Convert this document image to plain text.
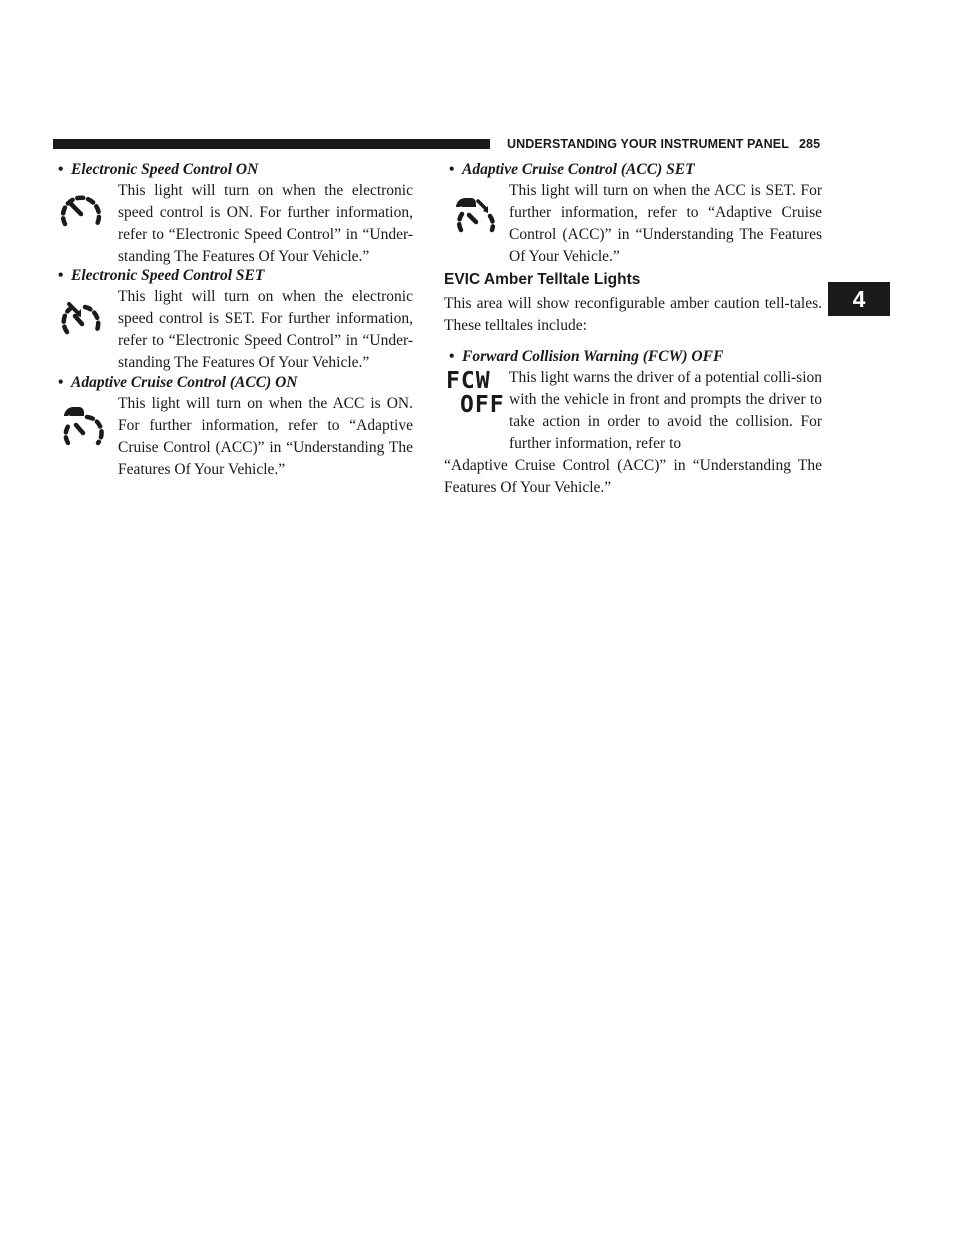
UNDERSTANDING YOUR INSTRUMENT PANEL 285
4
• Electronic Speed Control ON
This light will turn on when the electronic speed control is ON. For further information, refer to “Electronic Speed Control” in “Under-standing The Features Of Your Vehicle.”
• Electronic Speed Control SET
This light will turn on when the electronic speed control is SET. For further information, refer to “Electronic Speed Control” in “Under-standing The Features Of Your Vehicle.”
• Adaptive Cruise Control (ACC) ON
This light will turn on when the ACC is ON. For further information, refer to “Adaptive Cruise Control (ACC)” in “Understanding The Features Of Your Vehicle.”
• Adaptive Cruise Control (ACC) SET
This light will turn on when the ACC is SET. For further information, refer to “Adaptive Cruise Control (ACC)” in “Understanding The Features Of Your Vehicle.”
EVIC Amber Telltale Lights
This area will show reconfigurable amber caution tell-tales. These telltales include:
• Forward Collision Warning (FCW) OFF
FCW
OFF
This light warns the driver of a potential colli-sion with the vehicle in front and prompts the driver to take action in order to avoid the collision. For further information, refer to
“Adaptive Cruise Control (ACC)” in “Understanding The Features Of Your Vehicle.”
